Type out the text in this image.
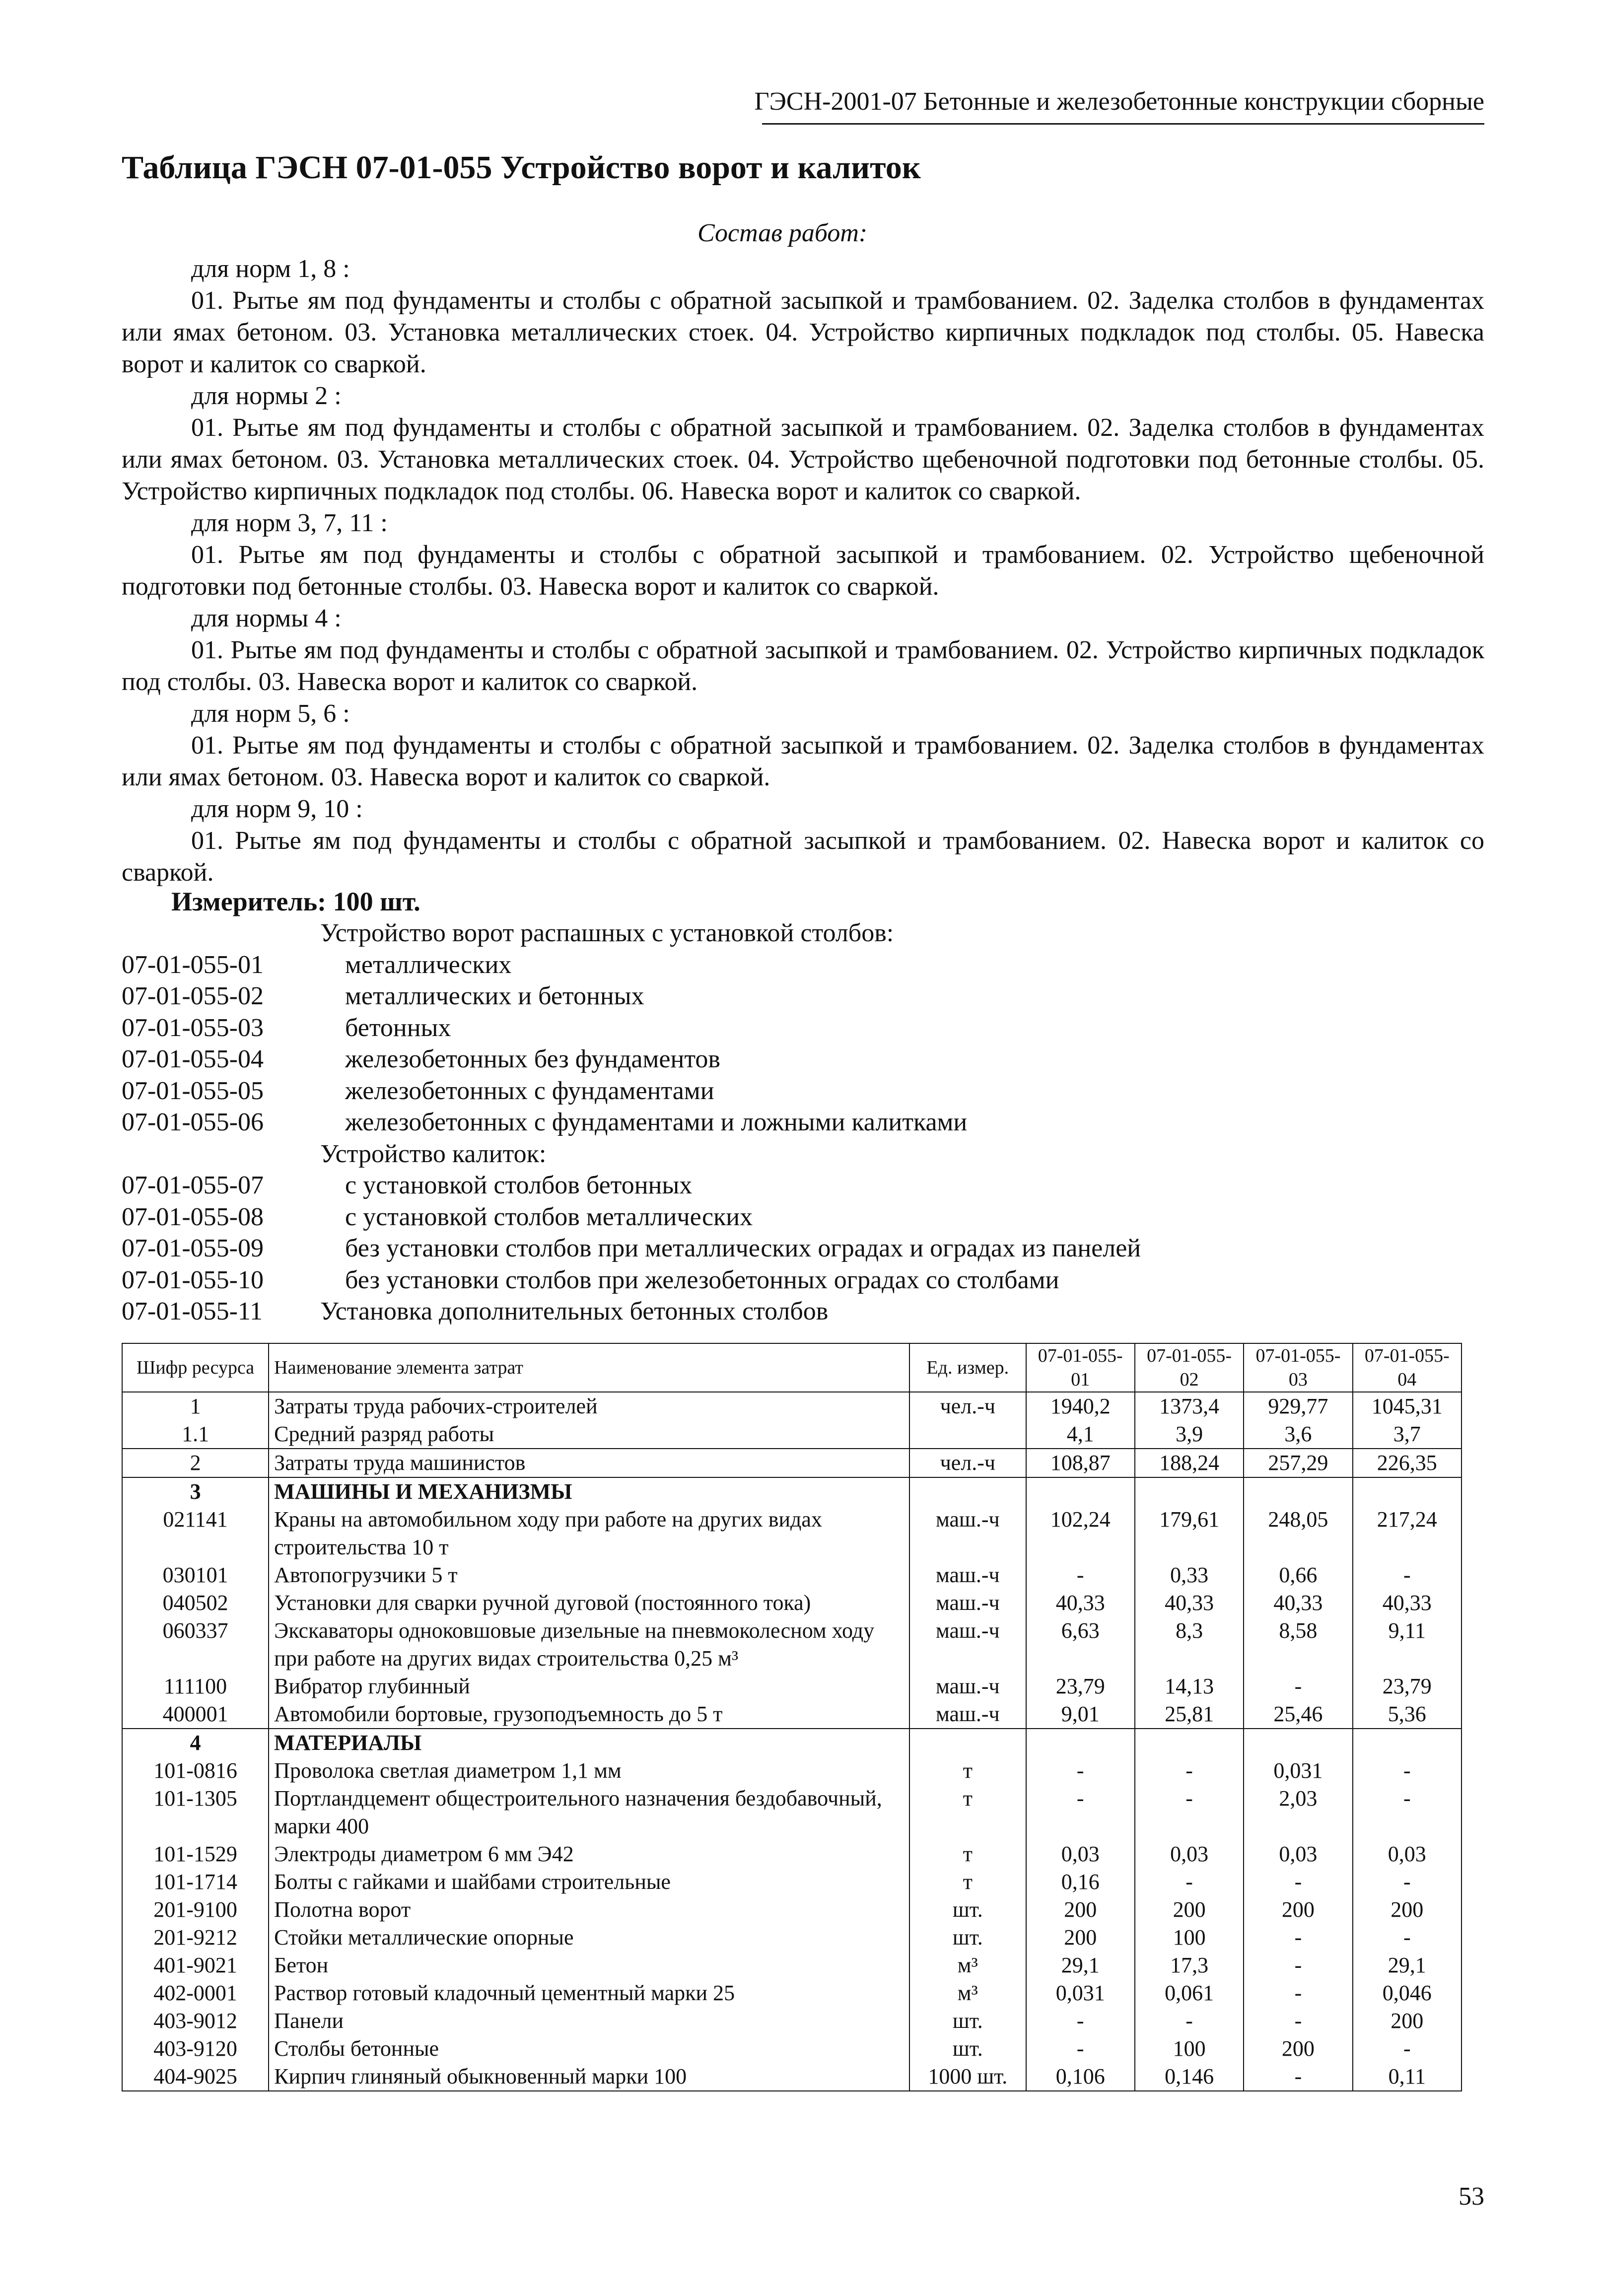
ГЭСН-2001-07 Бетонные и железобетонные конструкции сборные
Таблица ГЭСН 07-01-055 Устройство ворот и калиток
Состав работ:
для норм 1, 8 :
01. Рытье ям под фундаменты и столбы с обратной засыпкой и трамбованием. 02. Заделка столбов в фундаментах или ямах бетоном. 03. Установка металлических стоек. 04. Устройство кирпичных подкладок под столбы. 05. Навеска ворот и калиток со сваркой.
для нормы 2 :
01. Рытье ям под фундаменты и столбы с обратной засыпкой и трамбованием. 02. Заделка столбов в фундаментах или ямах бетоном. 03. Установка металлических стоек. 04. Устройство щебеночной подготовки под бетонные столбы. 05. Устройство кирпичных подкладок под столбы. 06. Навеска ворот и калиток со сваркой.
для норм 3, 7, 11 :
01. Рытье ям под фундаменты и столбы с обратной засыпкой и трамбованием. 02. Устройство щебеночной подготовки под бетонные столбы. 03. Навеска ворот и калиток со сваркой.
для нормы 4 :
01. Рытье ям под фундаменты и столбы с обратной засыпкой и трамбованием. 02. Устройство кирпичных подкладок под столбы. 03. Навеска ворот и калиток со сваркой.
для норм 5, 6 :
01. Рытье ям под фундаменты и столбы с обратной засыпкой и трамбованием. 02. Заделка столбов в фундаментах или ямах бетоном. 03. Навеска ворот и калиток со сваркой.
для норм 9, 10 :
01. Рытье ям под фундаменты и столбы с обратной засыпкой и трамбованием. 02. Навеска ворот и калиток со сваркой.
Измеритель: 100 шт.
Устройство ворот распашных с установкой столбов:
07-01-055-01	металлических
07-01-055-02	металлических и бетонных
07-01-055-03	бетонных
07-01-055-04	железобетонных без фундаментов
07-01-055-05	железобетонных с фундаментами
07-01-055-06	железобетонных с фундаментами и ложными калитками
Устройство калиток:
07-01-055-07	с установкой столбов бетонных
07-01-055-08	с установкой столбов металлических
07-01-055-09	без установки столбов при металлических оградах и оградах из панелей
07-01-055-10	без установки столбов при железобетонных оградах со столбами
07-01-055-11	Установка дополнительных бетонных столбов
Шифр ресурса	Наименование элемента затрат	Ед. измер.	07-01-055-01	07-01-055-02	07-01-055-03	07-01-055-04
1	Затраты труда рабочих-строителей	чел.-ч	1940,2	1373,4	929,77	1045,31
1.1	Средний разряд работы		4,1	3,9	3,6	3,7
2	Затраты труда машинистов	чел.-ч	108,87	188,24	257,29	226,35
3	МАШИНЫ И МЕХАНИЗМЫ					
021141	Краны на автомобильном ходу при работе на других видах строительства 10 т	маш.-ч	102,24	179,61	248,05	217,24
030101	Автопогрузчики 5 т	маш.-ч	-	0,33	0,66	-
040502	Установки для сварки ручной дуговой (постоянного тока)	маш.-ч	40,33	40,33	40,33	40,33
060337	Экскаваторы одноковшовые дизельные на пневмоколесном ходу при работе на других видах строительства 0,25 м³	маш.-ч	6,63	8,3	8,58	9,11
111100	Вибратор глубинный	маш.-ч	23,79	14,13	-	23,79
400001	Автомобили бортовые, грузоподъемность до 5 т	маш.-ч	9,01	25,81	25,46	5,36
4	МАТЕРИАЛЫ					
101-0816	Проволока светлая диаметром 1,1 мм	т	-	-	0,031	-
101-1305	Портландцемент общестроительного назначения бездобавочный, марки 400	т	-	-	2,03	-
101-1529	Электроды диаметром 6 мм Э42	т	0,03	0,03	0,03	0,03
101-1714	Болты с гайками и шайбами строительные	т	0,16	-	-	-
201-9100	Полотна ворот	шт.	200	200	200	200
201-9212	Стойки металлические опорные	шт.	200	100	-	-
401-9021	Бетон	м³	29,1	17,3	-	29,1
402-0001	Раствор готовый кладочный цементный марки 25	м³	0,031	0,061	-	0,046
403-9012	Панели	шт.	-	-	-	200
403-9120	Столбы бетонные	шт.	-	100	200	-
404-9025	Кирпич глиняный обыкновенный марки 100	1000 шт.	0,106	0,146	-	0,11
53
